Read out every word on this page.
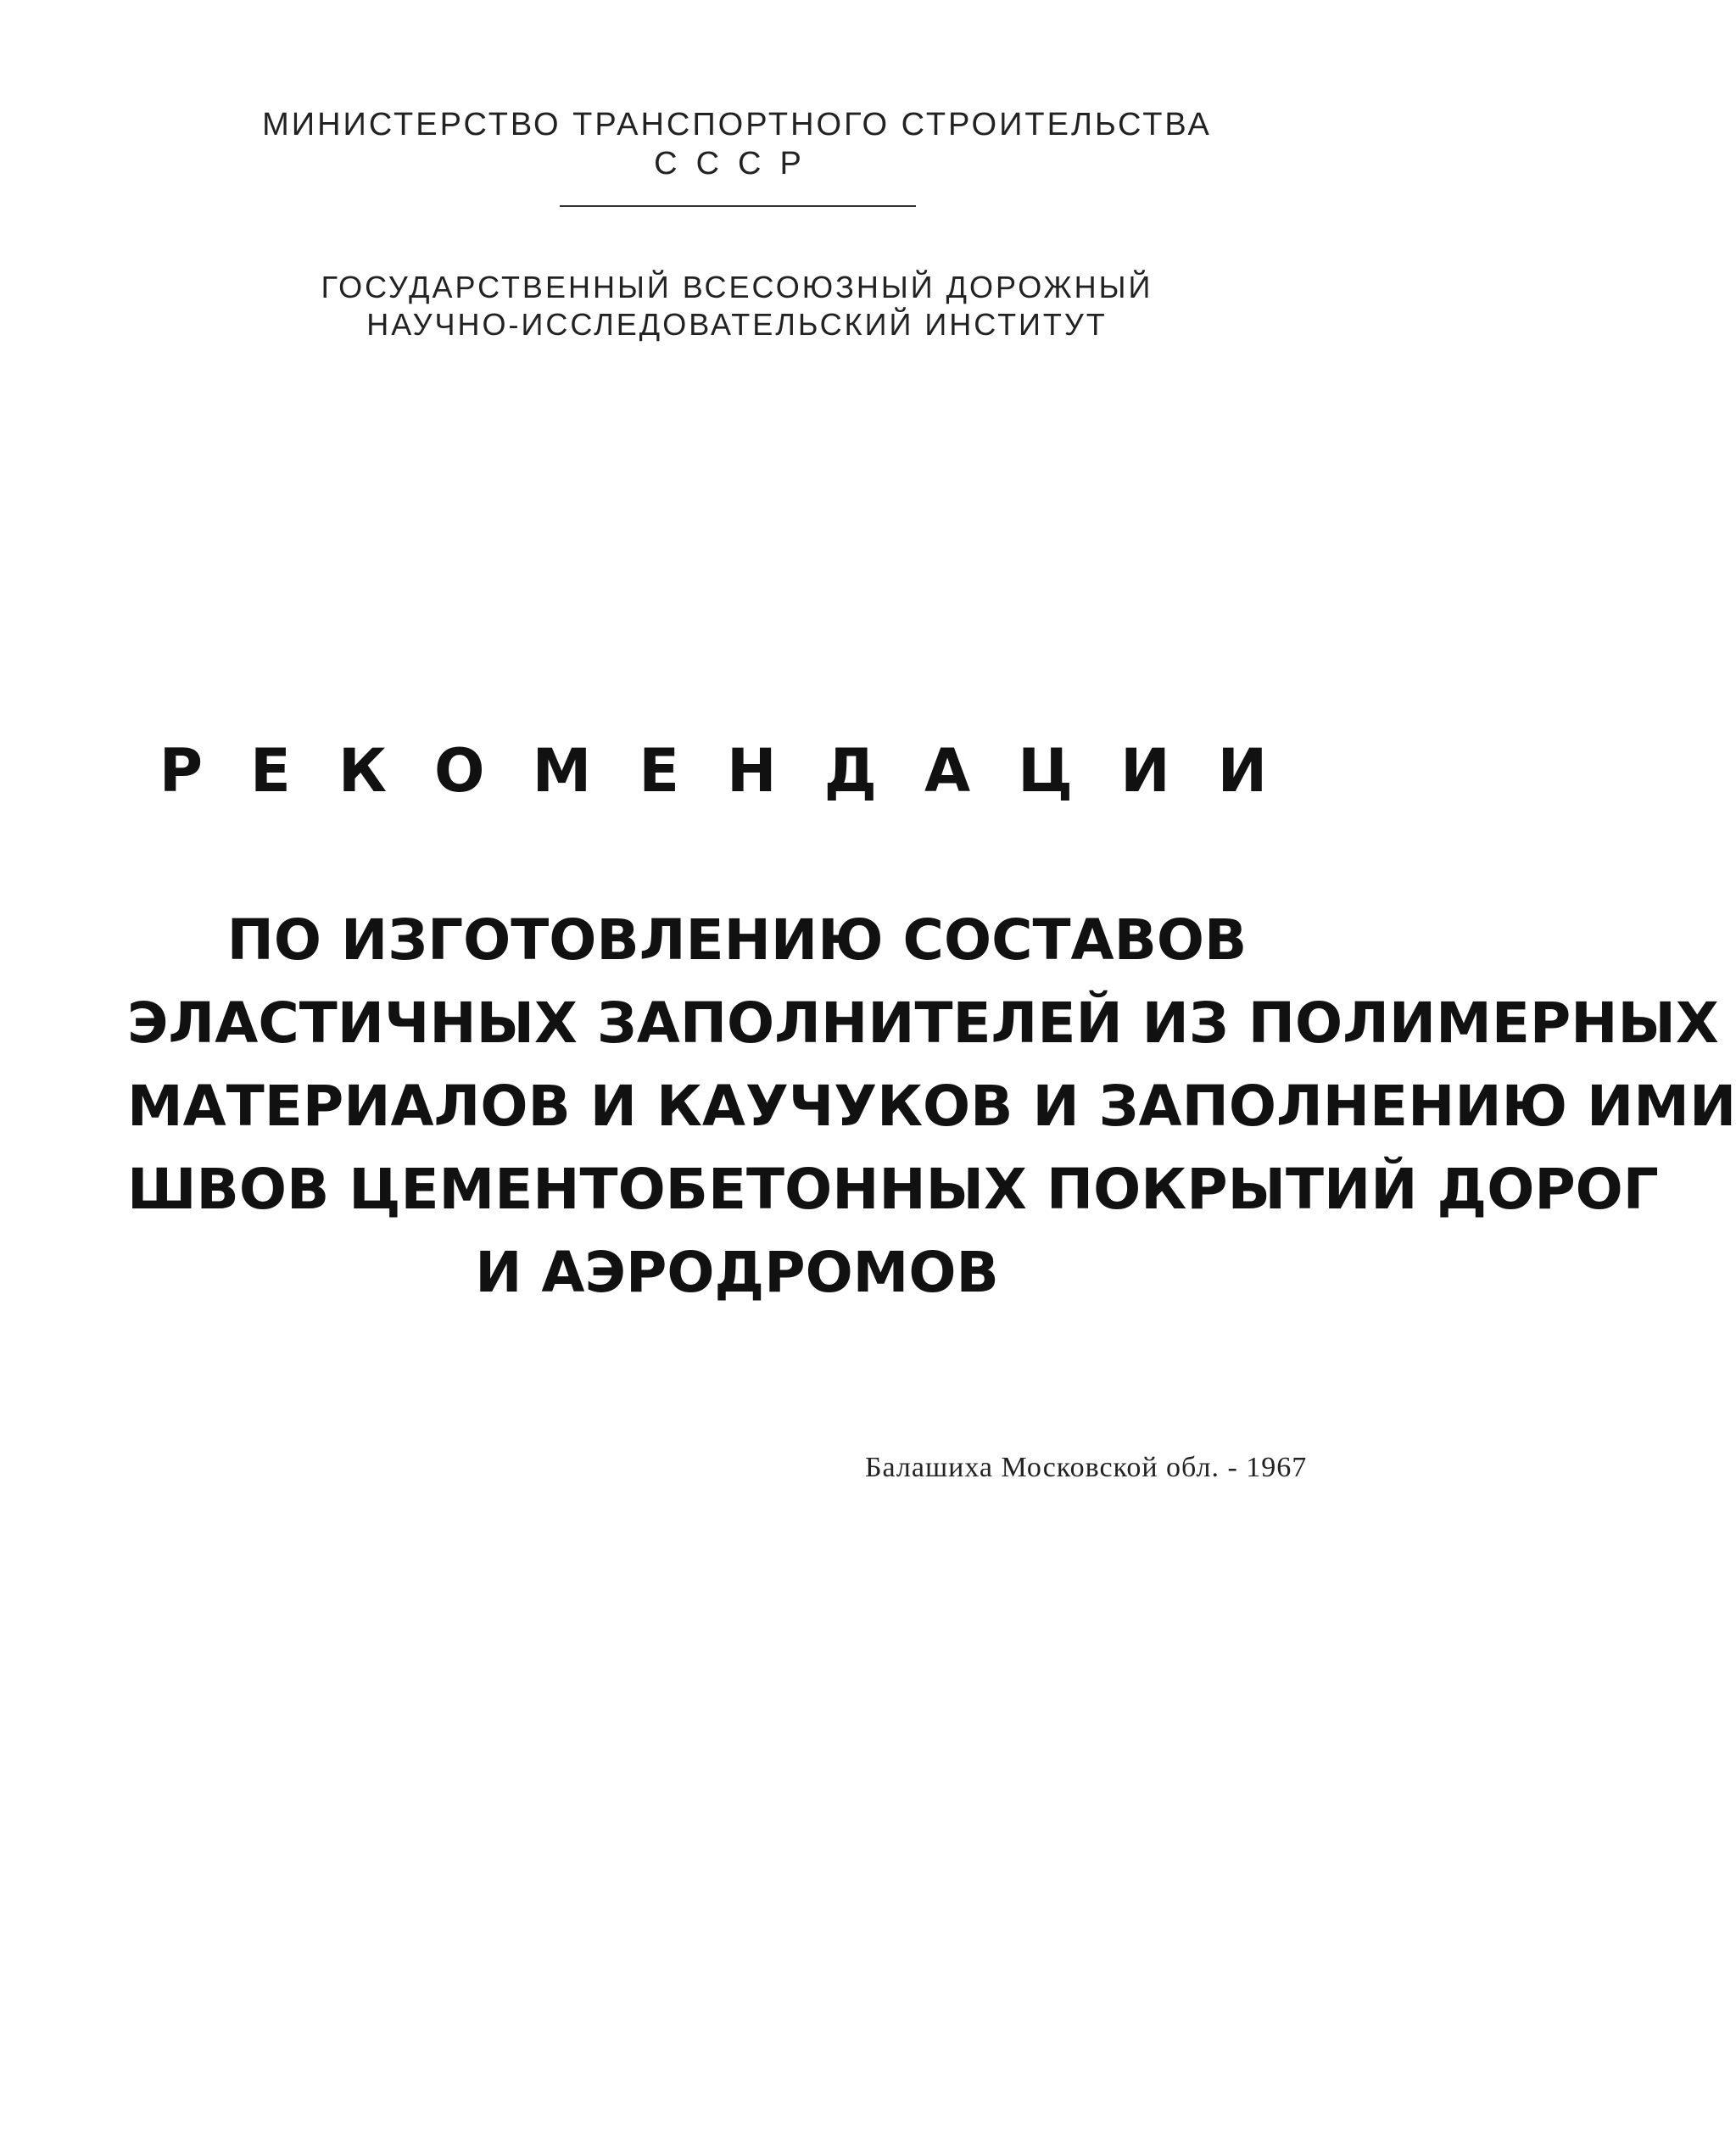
МИНИСТЕРСТВО ТРАНСПОРТНОГО СТРОИТЕЛЬСТВА
СССР
ГОСУДАРСТВЕННЫЙ ВСЕСОЮЗНЫЙ ДОРОЖНЫЙ
НАУЧНО-ИССЛЕДОВАТЕЛЬСКИЙ ИНСТИТУТ
РЕКОМЕНДАЦИИ
ПО ИЗГОТОВЛЕНИЮ СОСТАВОВ
ЭЛАСТИЧНЫХ ЗАПОЛНИТЕЛЕЙ ИЗ ПОЛИМЕРНЫХ
МАТЕРИАЛОВ И КАУЧУКОВ И ЗАПОЛНЕНИЮ ИМИ
ШВОВ ЦЕМЕНТОБЕТОННЫХ ПОКРЫТИЙ ДОРОГ
И АЭРОДРОМОВ
Балашиха Московской обл. - 1967
